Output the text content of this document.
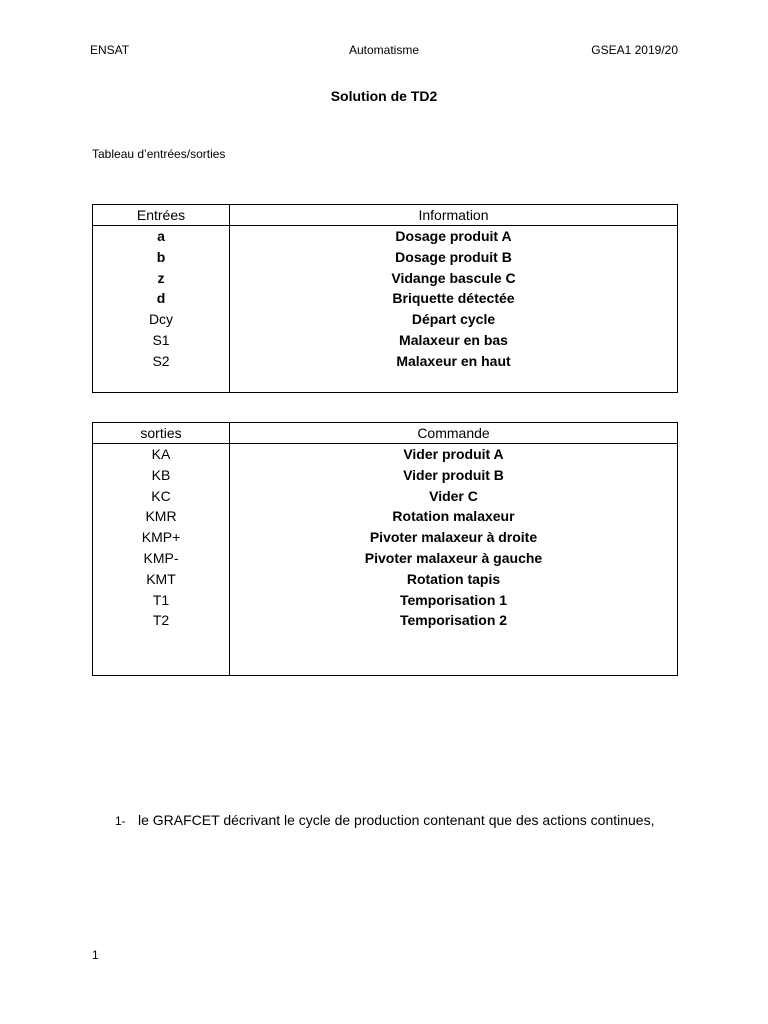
ENSAT	Automatisme	GSEA1 2019/20
Solution de TD2
Tableau d’entrées/sorties
Entrées	Information
a	Dosage produit A
b	Dosage produit B
z	Vidange bascule C
d	Briquette détectée
Dcy	Départ cycle
S1	Malaxeur en bas
S2	Malaxeur en haut

sorties	Commande
KA	Vider produit A
KB	Vider produit B
KC	Vider C
KMR	Rotation malaxeur
KMP+	Pivoter malaxeur à droite
KMP-	Pivoter malaxeur à gauche
KMT	Rotation tapis
T1	Temporisation 1
T2	Temporisation 2

1- le GRAFCET décrivant le cycle de production contenant que des actions continues,
1
